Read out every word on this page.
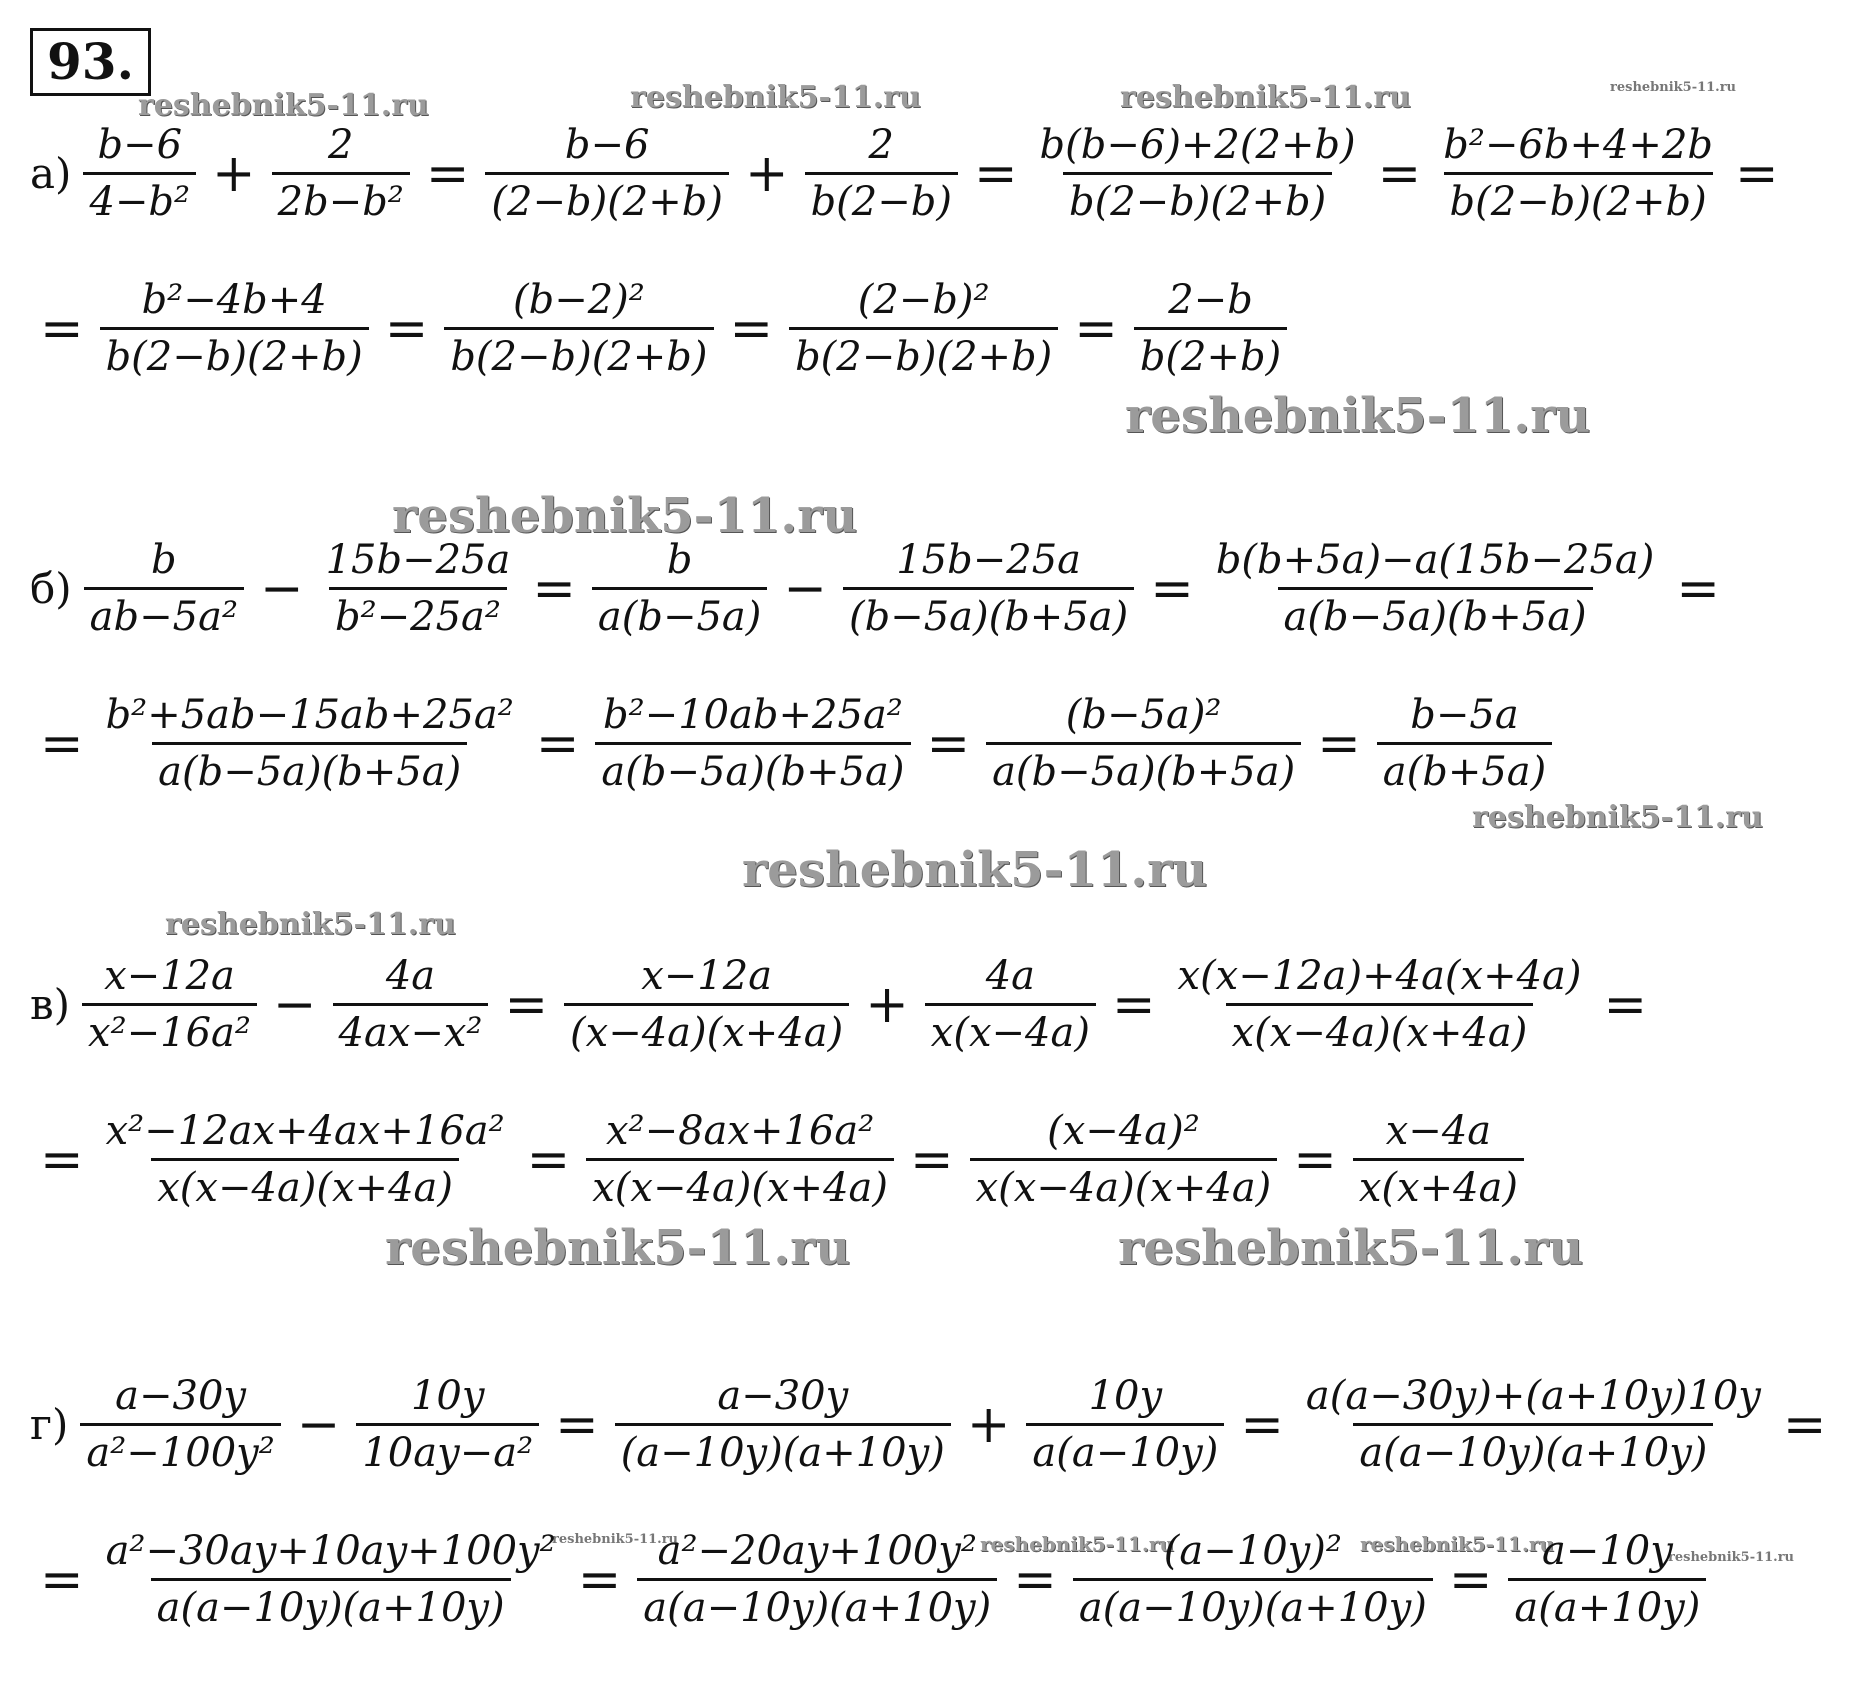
93.
reshebnik5-11.ru	reshebnik5-11.ru	reshebnik5-11.ru	reshebnik5-11.ru
reshebnik5-11.ru
reshebnik5-11.ru
reshebnik5-11.ru
reshebnik5-11.ru
reshebnik5-11.ru
reshebnik5-11.ru	reshebnik5-11.ru
reshebnik5-11.ru	reshebnik5-11.ru	reshebnik5-11.ru
reshebnik5-11.ru
$а) \frac{b-6}{\text{4−b²}} + \frac{2}{\text{2b−b²}} = \frac{b-6}{(2-b)(2+b)} + \frac{2}{b(2-b)} = \frac{b(b-6)+2(2+b)}{b(2-b)(2+b)} = \frac{\text{b²−6b+4+2b}}{b(2-b)(2+b)}$ =
= $\frac{\text{b²−4b+4}}{b(2-b)(2+b)} = \frac{\text{(b−2)²}}{b(2-b)(2+b)} = \frac{\text{(2−b)²}}{b(2-b)(2+b)} = \frac{2-b}{b(2+b)}$
$б) \frac{b}{\text{ab−5a²}} - \frac{15b-25a}{\text{b²−25a²}} = \frac{b}{a(b-5a)} - \frac{15b-25a}{(b-5a)(b+5a)} = \frac{b(b+5a)-a(15b-25a)}{a(b-5a)(b+5a)}$ =
= $\frac{\text{b²+5ab−15ab+25a²}}{a(b-5a)(b+5a)} = \frac{\text{b²−10ab+25a²}}{a(b-5a)(b+5a)} = \frac{\text{(b−5a)²}}{a(b-5a)(b+5a)} = \frac{b-5a}{a(b+5a)}$
$в) \frac{x-12a}{\text{x²−16a²}} - \frac{4a}{\text{4ax−x²}} = \frac{x-12a}{(x-4a)(x+4a)} + \frac{4a}{x(x-4a)} = \frac{x(x-12a)+4a(x+4a)}{x(x-4a)(x+4a)}$ =
= $\frac{\text{x²−12ax+4ax+16a²}}{x(x-4a)(x+4a)} = \frac{\text{x²−8ax+16a²}}{x(x-4a)(x+4a)} = \frac{\text{(x−4a)²}}{x(x-4a)(x+4a)} = \frac{x-4a}{x(x+4a)}$
$г) \frac{a-30y}{\text{a²−100y²}} - \frac{10y}{\text{10ay−a²}} = \frac{a-30y}{(a-10y)(a+10y)} + \frac{10y}{a(a-10y)} = \frac{a(a-30y)+(a+10y)10y}{a(a-10y)(a+10y)}$ =
= $\frac{\text{a²−30ay+10ay+100y²}}{a(a-10y)(a+10y)} = \frac{\text{a²−20ay+100y²}}{a(a-10y)(a+10y)} = \frac{\text{(a−10y)²}}{a(a-10y)(a+10y)} = \frac{a-10y}{a(a+10y)}$
